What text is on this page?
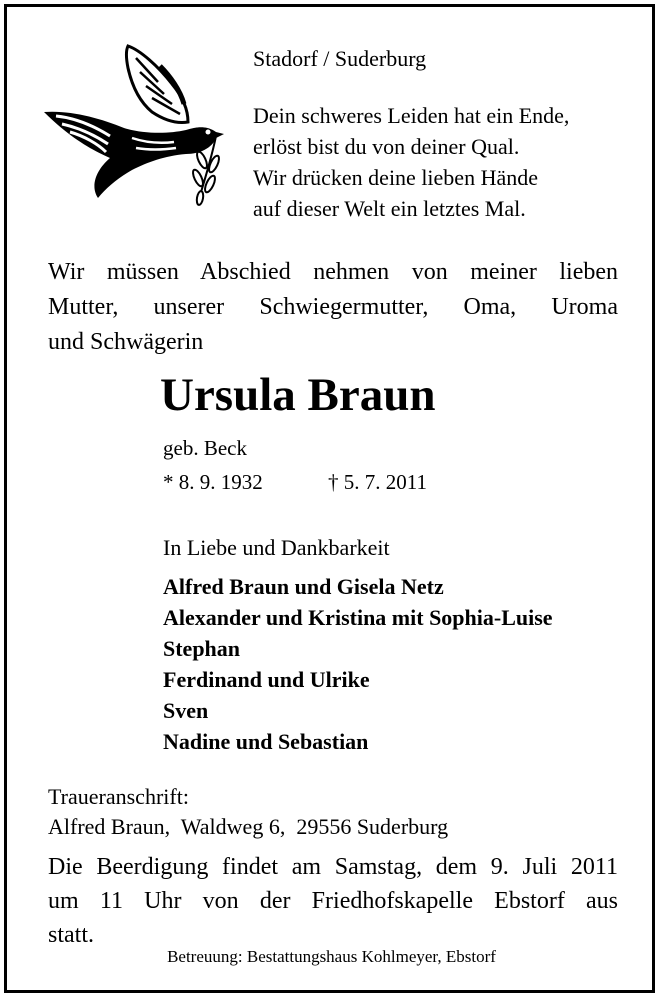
Stadorf / Suderburg
Dein schweres Leiden hat ein Ende,
erlöst bist du von deiner Qual.
Wir drücken deine lieben Hände
auf dieser Welt ein letztes Mal.
Wir müssen Abschied nehmen von meiner lieben
Mutter, unserer Schwiegermutter, Oma, Uroma
und Schwägerin
Ursula Braun
geb. Beck
* 8. 9. 1932	† 5. 7. 2011
In Liebe und Dankbarkeit
Alfred Braun und Gisela Netz
Alexander und Kristina mit Sophia-Luise
Stephan
Ferdinand und Ulrike
Sven
Nadine und Sebastian
Traueranschrift:
Alfred Braun,  Waldweg 6,  29556 Suderburg
Die Beerdigung findet am Samstag, dem 9. Juli 2011
um 11 Uhr von der Friedhofskapelle Ebstorf aus
statt.
Betreuung: Bestattungshaus Kohlmeyer, Ebstorf
